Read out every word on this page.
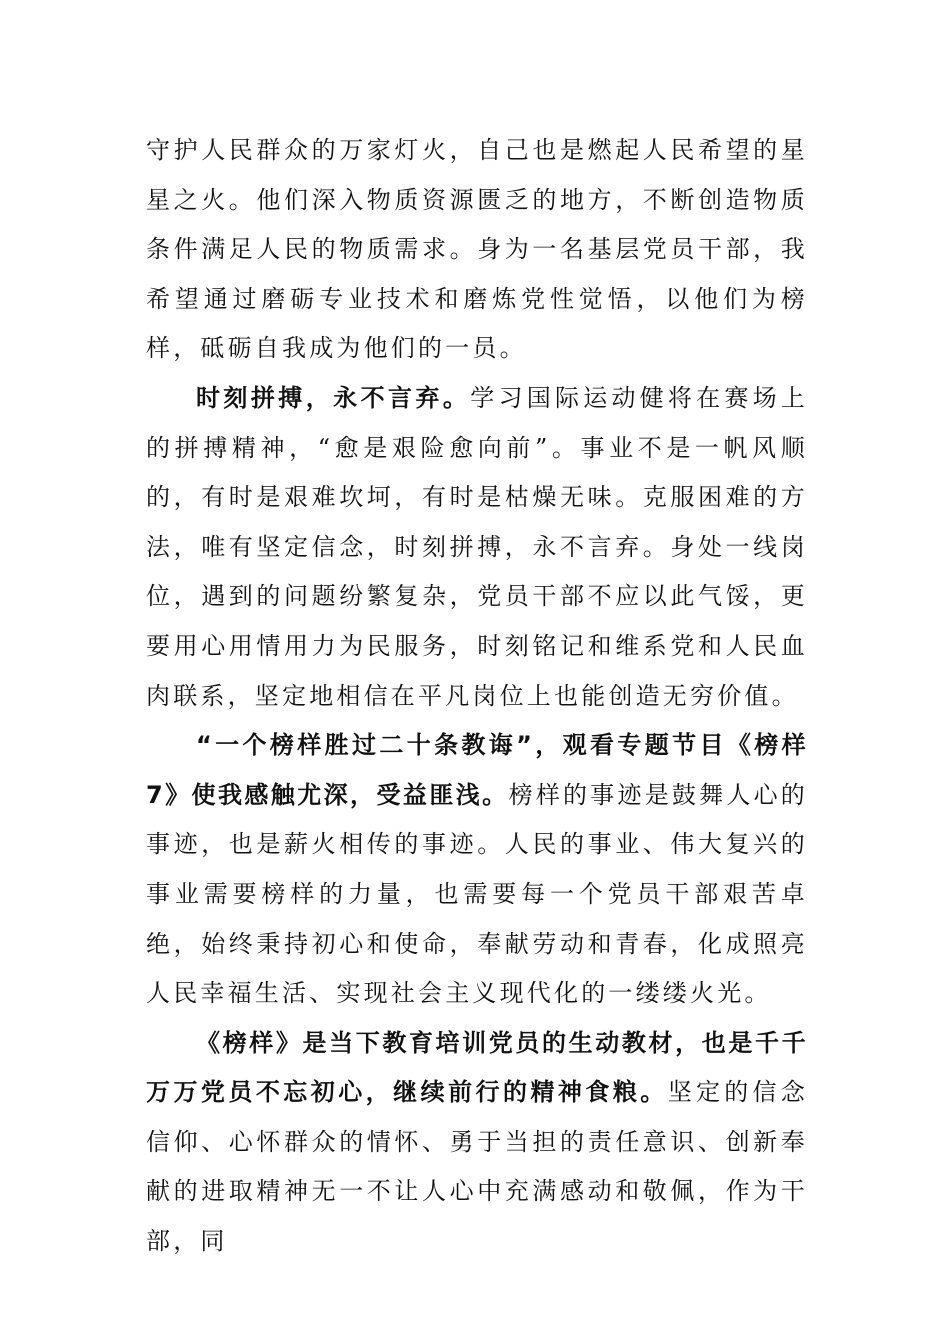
守护人民群众的万家灯火，自己也是燃起人民希望的星星之火。他们深入物质资源匮乏的地方，不断创造物质条件满足人民的物质需求。身为一名基层党员干部，我希望通过磨砺专业技术和磨炼党性觉悟，以他们为榜样，砥砺自我成为他们的一员。

时刻拼搏，永不言弃。学习国际运动健将在赛场上的拼搏精神，“愈是艰险愈向前”。事业不是一帆风顺的，有时是艰难坎坷，有时是枯燥无味。克服困难的方法，唯有坚定信念，时刻拼搏，永不言弃。身处一线岗位，遇到的问题纷繁复杂，党员干部不应以此气馁，更要用心用情用力为民服务，时刻铭记和维系党和人民血肉联系，坚定地相信在平凡岗位上也能创造无穷价值。

“一个榜样胜过二十条教诲”，观看专题节目《榜样7》使我感触尤深，受益匪浅。榜样的事迹是鼓舞人心的事迹，也是薪火相传的事迹。人民的事业、伟大复兴的事业需要榜样的力量，也需要每一个党员干部艰苦卓绝，始终秉持初心和使命，奉献劳动和青春，化成照亮人民幸福生活、实现社会主义现代化的一缕缕火光。

《榜样》是当下教育培训党员的生动教材，也是千千万万党员不忘初心，继续前行的精神食粮。坚定的信念信仰、心怀群众的情怀、勇于当担的责任意识、创新奉献的进取精神无一不让人心中充满感动和敬佩，作为干部，同
